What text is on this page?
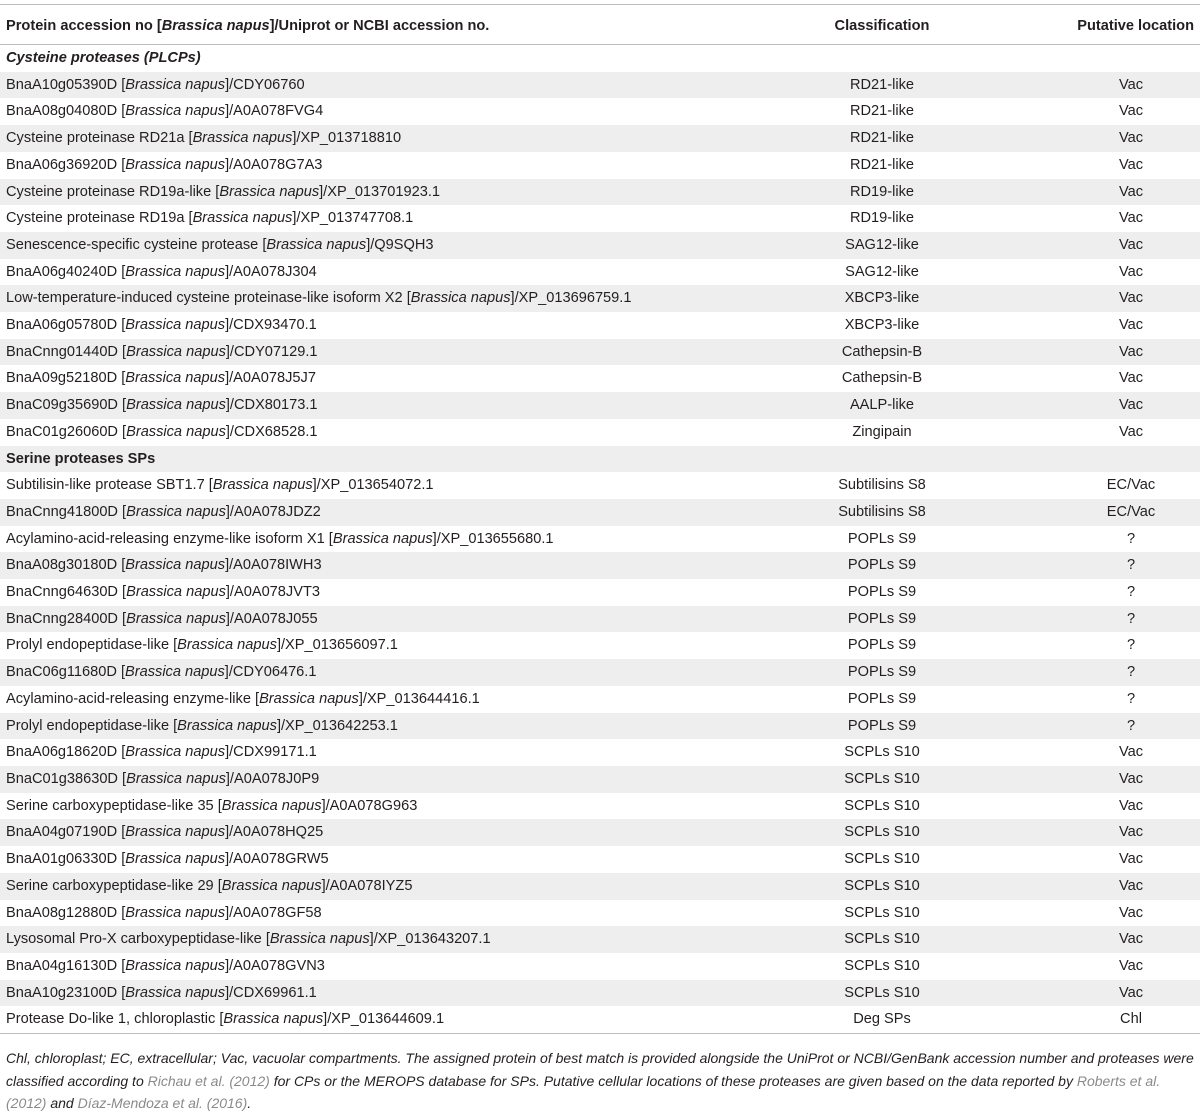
Protein accession no [Brassica napus]/Uniprot or NCBI accession no.	Classification	Putative location
Cysteine proteases (PLCPs)		
BnaA10g05390D [Brassica napus]/CDY06760	RD21-like	Vac
BnaA08g04080D [Brassica napus]/A0A078FVG4	RD21-like	Vac
Cysteine proteinase RD21a [Brassica napus]/XP_013718810	RD21-like	Vac
BnaA06g36920D [Brassica napus]/A0A078G7A3	RD21-like	Vac
Cysteine proteinase RD19a-like [Brassica napus]/XP_013701923.1	RD19-like	Vac
Cysteine proteinase RD19a [Brassica napus]/XP_013747708.1	RD19-like	Vac
Senescence-specific cysteine protease [Brassica napus]/Q9SQH3	SAG12-like	Vac
BnaA06g40240D [Brassica napus]/A0A078J304	SAG12-like	Vac
Low-temperature-induced cysteine proteinase-like isoform X2 [Brassica napus]/XP_013696759.1	XBCP3-like	Vac
BnaA06g05780D [Brassica napus]/CDX93470.1	XBCP3-like	Vac
BnaCnng01440D [Brassica napus]/CDY07129.1	Cathepsin-B	Vac
BnaA09g52180D [Brassica napus]/A0A078J5J7	Cathepsin-B	Vac
BnaC09g35690D [Brassica napus]/CDX80173.1	AALP-like	Vac
BnaC01g26060D [Brassica napus]/CDX68528.1	Zingipain	Vac
Serine proteases SPs		
Subtilisin-like protease SBT1.7 [Brassica napus]/XP_013654072.1	Subtilisins S8	EC/Vac
BnaCnng41800D [Brassica napus]/A0A078JDZ2	Subtilisins S8	EC/Vac
Acylamino-acid-releasing enzyme-like isoform X1 [Brassica napus]/XP_013655680.1	POPLs S9	?
BnaA08g30180D [Brassica napus]/A0A078IWH3	POPLs S9	?
BnaCnng64630D [Brassica napus]/A0A078JVT3	POPLs S9	?
BnaCnng28400D [Brassica napus]/A0A078J055	POPLs S9	?
Prolyl endopeptidase-like [Brassica napus]/XP_013656097.1	POPLs S9	?
BnaC06g11680D [Brassica napus]/CDY06476.1	POPLs S9	?
Acylamino-acid-releasing enzyme-like [Brassica napus]/XP_013644416.1	POPLs S9	?
Prolyl endopeptidase-like [Brassica napus]/XP_013642253.1	POPLs S9	?
BnaA06g18620D [Brassica napus]/CDX99171.1	SCPLs S10	Vac
BnaC01g38630D [Brassica napus]/A0A078J0P9	SCPLs S10	Vac
Serine carboxypeptidase-like 35 [Brassica napus]/A0A078G963	SCPLs S10	Vac
BnaA04g07190D [Brassica napus]/A0A078HQ25	SCPLs S10	Vac
BnaA01g06330D [Brassica napus]/A0A078GRW5	SCPLs S10	Vac
Serine carboxypeptidase-like 29 [Brassica napus]/A0A078IYZ5	SCPLs S10	Vac
BnaA08g12880D [Brassica napus]/A0A078GF58	SCPLs S10	Vac
Lysosomal Pro-X carboxypeptidase-like [Brassica napus]/XP_013643207.1	SCPLs S10	Vac
BnaA04g16130D [Brassica napus]/A0A078GVN3	SCPLs S10	Vac
BnaA10g23100D [Brassica napus]/CDX69961.1	SCPLs S10	Vac
Protease Do-like 1, chloroplastic [Brassica napus]/XP_013644609.1	Deg SPs	Chl
Chl, chloroplast; EC, extracellular; Vac, vacuolar compartments. The assigned protein of best match is provided alongside the UniProt or NCBI/GenBank accession number and proteases were classified according to Richau et al. (2012) for CPs or the MEROPS database for SPs. Putative cellular locations of these proteases are given based on the data reported by Roberts et al. (2012) and Díaz-Mendoza et al. (2016).
